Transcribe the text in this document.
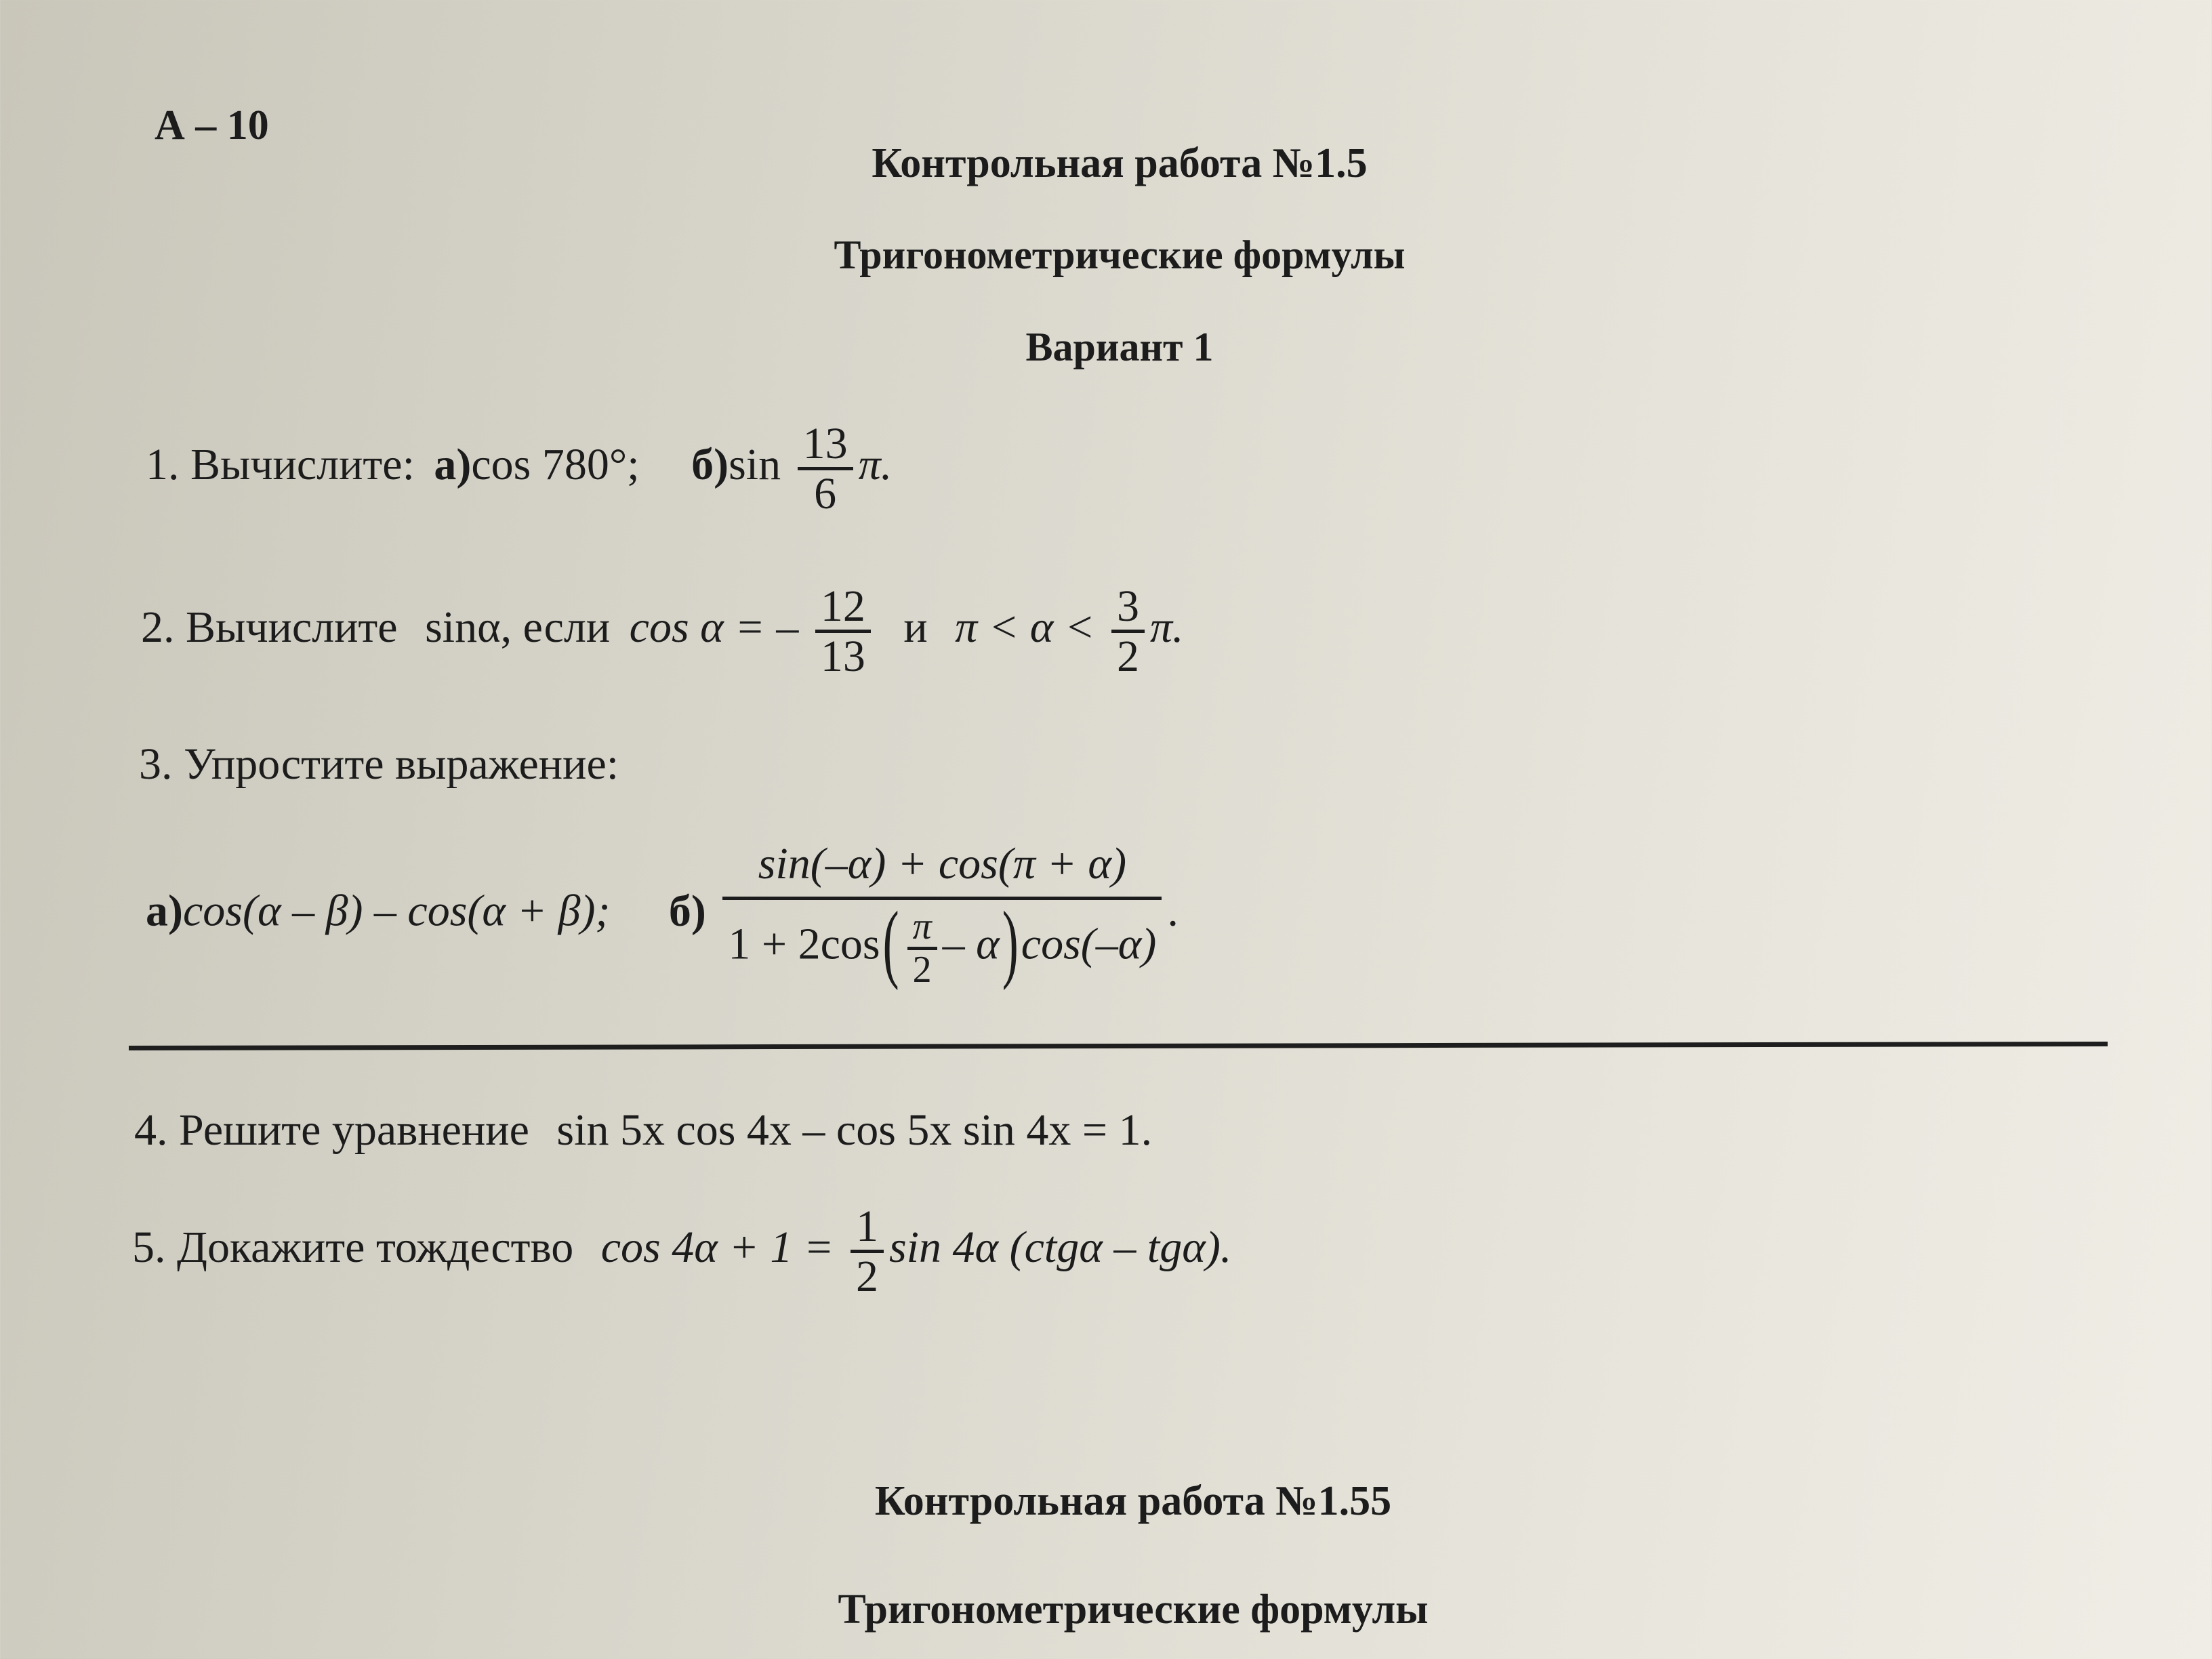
А – 10
Контрольная работа №1.5
Тригонометрические формулы
Вариант 1
1. Вычислите: а)cos 780°; $б)\sin \frac{13}{6} \pi$.
2. Вычислите sinα, если cos α = – $\frac{12}{13}$ и $\pi < \alpha < \frac{3}{2} \pi$.
3. Упростите выражение:
а)cos(α – β) – cos(α + β); $б) \frac{\sin(-\alpha) + \cos(\pi + \alpha)}{1 + 2\cos( \frac{\pi}{2} - \alpha)\cos(-\alpha)}$ .
4. Решите уравнение sin 5x cos 4x – cos 5x sin 4x = 1.
5. Докажите тождество $\cos 4\alpha + 1 = \frac{1}{2}$ sin 4α (ctgα – tgα).
Контрольная работа №1.55
Тригонометрические формулы
